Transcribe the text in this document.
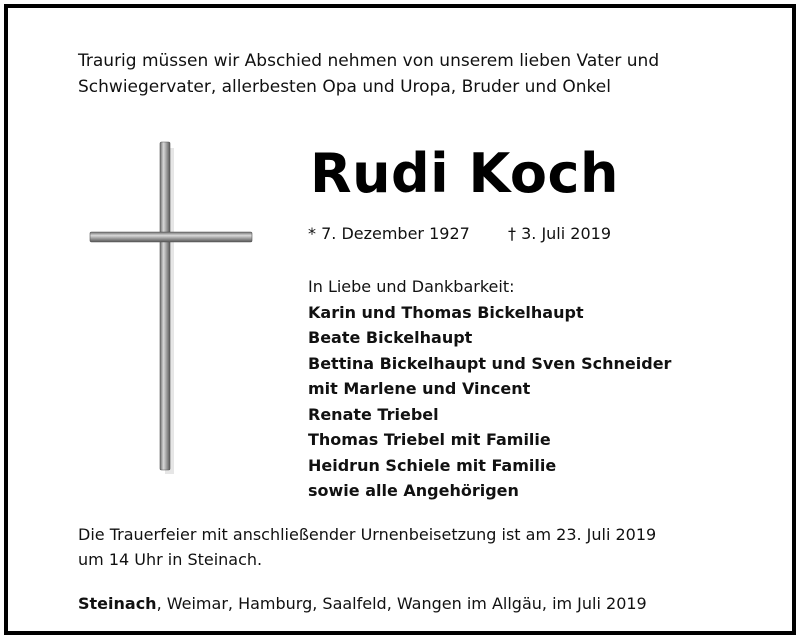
Traurig müssen wir Abschied nehmen von unserem lieben Vater und
Schwiegervater, allerbesten Opa und Uropa, Bruder und Onkel
Rudi Koch
* 7. Dezember 1927 † 3. Juli 2019
In Liebe und Dankbarkeit:
Karin und Thomas Bickelhaupt
Beate Bickelhaupt
Bettina Bickelhaupt und Sven Schneider
mit Marlene und Vincent
Renate Triebel
Thomas Triebel mit Familie
Heidrun Schiele mit Familie
sowie alle Angehörigen
Die Trauerfeier mit anschließender Urnenbeisetzung ist am 23. Juli 2019
um 14 Uhr in Steinach.
Steinach, Weimar, Hamburg, Saalfeld, Wangen im Allgäu, im Juli 2019
